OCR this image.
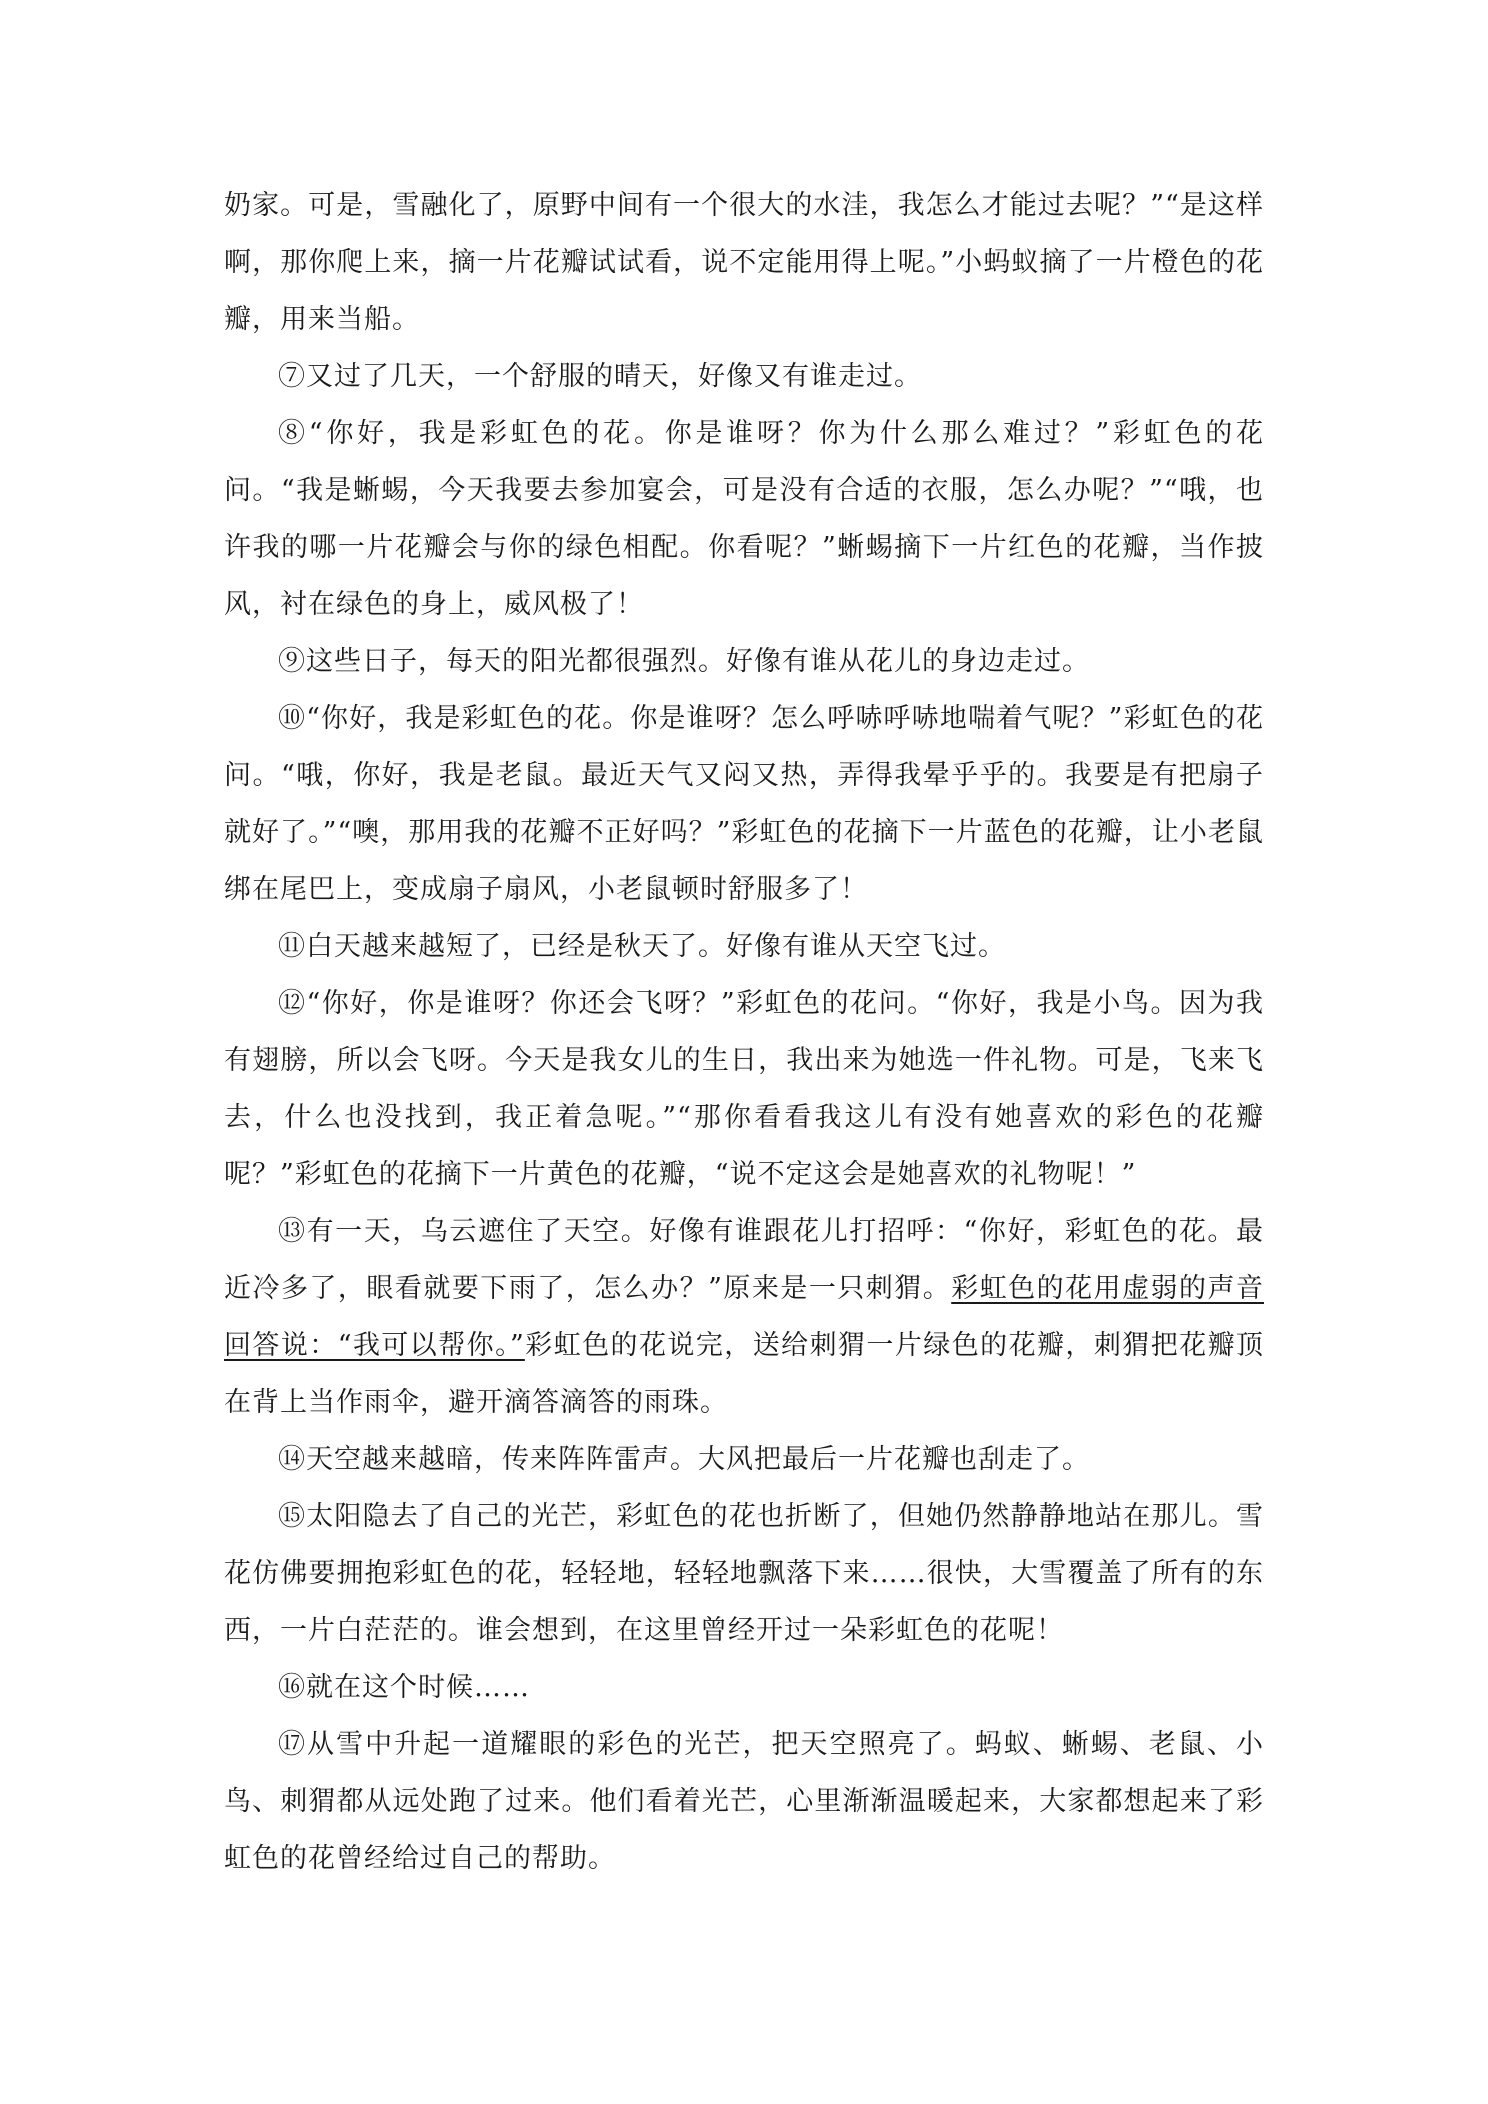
奶家。可是，雪融化了，原野中间有一个很大的水洼，我怎么才能过去呢？”“是这样啊，那你爬上来，摘一片花瓣试试看，说不定能用得上呢。”小蚂蚁摘了一片橙色的花瓣，用来当船。

⑦又过了几天，一个舒服的晴天，好像又有谁走过。

⑧“你好，我是彩虹色的花。你是谁呀？你为什么那么难过？”彩虹色的花问。“我是蜥蜴，今天我要去参加宴会，可是没有合适的衣服，怎么办呢？”“哦，也许我的哪一片花瓣会与你的绿色相配。你看呢？”蜥蜴摘下一片红色的花瓣，当作披风，衬在绿色的身上，威风极了！

⑨这些日子，每天的阳光都很强烈。好像有谁从花儿的身边走过。

⑩“你好，我是彩虹色的花。你是谁呀？怎么呼哧呼哧地喘着气呢？”彩虹色的花问。“哦，你好，我是老鼠。最近天气又闷又热，弄得我晕乎乎的。我要是有把扇子就好了。”“噢，那用我的花瓣不正好吗？”彩虹色的花摘下一片蓝色的花瓣，让小老鼠绑在尾巴上，变成扇子扇风，小老鼠顿时舒服多了！

⑪白天越来越短了，已经是秋天了。好像有谁从天空飞过。

⑫“你好，你是谁呀？你还会飞呀？”彩虹色的花问。“你好，我是小鸟。因为我有翅膀，所以会飞呀。今天是我女儿的生日，我出来为她选一件礼物。可是，飞来飞去，什么也没找到，我正着急呢。”“那你看看我这儿有没有她喜欢的彩色的花瓣呢？”彩虹色的花摘下一片黄色的花瓣，“说不定这会是她喜欢的礼物呢！”

⑬有一天，乌云遮住了天空。好像有谁跟花儿打招呼：“你好，彩虹色的花。最近冷多了，眼看就要下雨了，怎么办？”原来是一只刺猬。彩虹色的花用虚弱的声音回答说：“我可以帮你。”彩虹色的花说完，送给刺猬一片绿色的花瓣，刺猬把花瓣顶在背上当作雨伞，避开滴答滴答的雨珠。

⑭天空越来越暗，传来阵阵雷声。大风把最后一片花瓣也刮走了。

⑮太阳隐去了自己的光芒，彩虹色的花也折断了，但她仍然静静地站在那儿。雪花仿佛要拥抱彩虹色的花，轻轻地，轻轻地飘落下来……很快，大雪覆盖了所有的东西，一片白茫茫的。谁会想到，在这里曾经开过一朵彩虹色的花呢！

⑯就在这个时候……

⑰从雪中升起一道耀眼的彩色的光芒，把天空照亮了。蚂蚁、蜥蜴、老鼠、小鸟、刺猬都从远处跑了过来。他们看着光芒，心里渐渐温暖起来，大家都想起来了彩虹色的花曾经给过自己的帮助。
